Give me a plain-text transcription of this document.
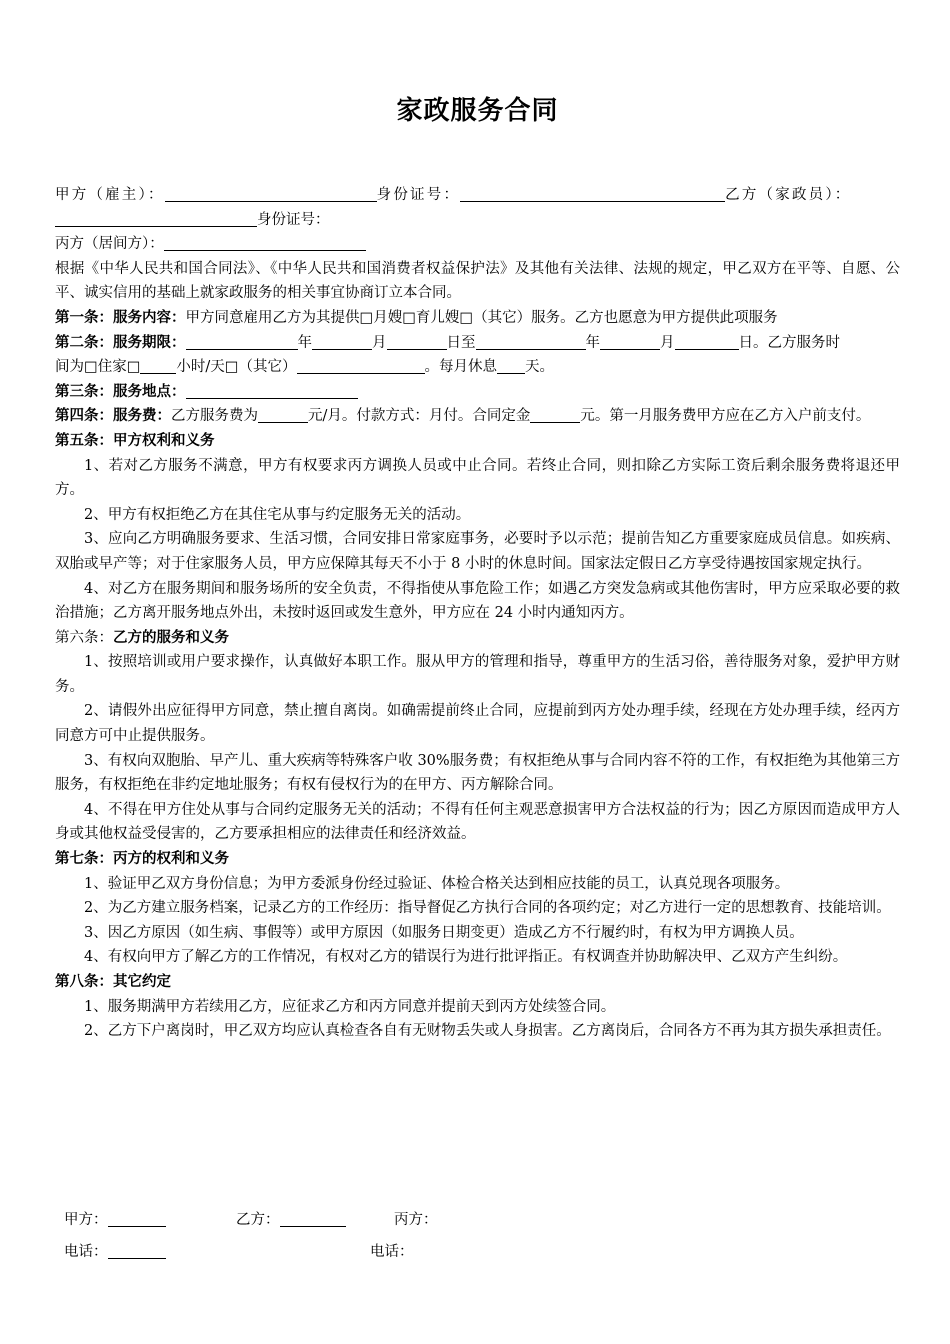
家政服务合同
甲方（雇主）：	身份证号：	乙方（家政员）：
身份证号：
丙方（居间方）：
根据《中华人民共和国合同法》、《中华人民共和国消费者权益保护法》及其他有关法律、法规的规定，甲乙双方在平等、自愿、公平、诚实信用的基础上就家政服务的相关事宜协商订立本合同。
第一条：服务内容：甲方同意雇用乙方为其提供□月嫂□育儿嫂□（其它）服务。乙方也愿意为甲方提供此项服务
第二条：服务期限：	年	月	日至	年	月	日。乙方服务时
间为□住家□ 小时/天□（其它）	。每月休息 天。
第三条：服务地点：
第四条：服务费：乙方服务费为	元/月。付款方式：月付。合同定金	元。第一月服务费甲方应在乙方入户前支付。
第五条：甲方权利和义务
1、若对乙方服务不满意，甲方有权要求丙方调换人员或中止合同。若终止合同，则扣除乙方实际工资后剩余服务费将退还甲方。
2、甲方有权拒绝乙方在其住宅从事与约定服务无关的活动。
3、应向乙方明确服务要求、生活习惯，合同安排日常家庭事务，必要时予以示范；提前告知乙方重要家庭成员信息。如疾病、双胎或早产等；对于住家服务人员，甲方应保障其每天不小于 8 小时的休息时间。国家法定假日乙方享受待遇按国家规定执行。
4、对乙方在服务期间和服务场所的安全负责，不得指使从事危险工作；如遇乙方突发急病或其他伤害时，甲方应采取必要的救治措施；乙方离开服务地点外出，未按时返回或发生意外，甲方应在 24 小时内通知丙方。
第六条：乙方的服务和义务
1、按照培训或用户要求操作，认真做好本职工作。服从甲方的管理和指导，尊重甲方的生活习俗，善待服务对象，爱护甲方财务。
2、请假外出应征得甲方同意，禁止擅自离岗。如确需提前终止合同，应提前到丙方处办理手续，经现在方处办理手续，经丙方同意方可中止提供服务。
3、有权向双胞胎、早产儿、重大疾病等特殊客户收 30%服务费；有权拒绝从事与合同内容不符的工作，有权拒绝为其他第三方服务，有权拒绝在非约定地址服务；有权有侵权行为的在甲方、丙方解除合同。
4、不得在甲方住处从事与合同约定服务无关的活动；不得有任何主观恶意损害甲方合法权益的行为；因乙方原因而造成甲方人身或其他权益受侵害的，乙方要承担相应的法律责任和经济效益。
第七条：丙方的权利和义务
1、验证甲乙双方身份信息；为甲方委派身份经过验证、体检合格关达到相应技能的员工，认真兑现各项服务。
2、为乙方建立服务档案，记录乙方的工作经历：指导督促乙方执行合同的各项约定；对乙方进行一定的思想教育、技能培训。
3、因乙方原因（如生病、事假等）或甲方原因（如服务日期变更）造成乙方不行履约时，有权为甲方调换人员。
4、有权向甲方了解乙方的工作情况，有权对乙方的错误行为进行批评指正。有权调查并协助解决甲、乙双方产生纠纷。
第八条：其它约定
1、服务期满甲方若续用乙方，应征求乙方和丙方同意并提前天到丙方处续签合同。
2、乙方下户离岗时，甲乙双方均应认真检查各自有无财物丢失或人身损害。乙方离岗后，合同各方不再为其方损失承担责任。
甲方：	乙方：	丙方：
电话：	电话：
